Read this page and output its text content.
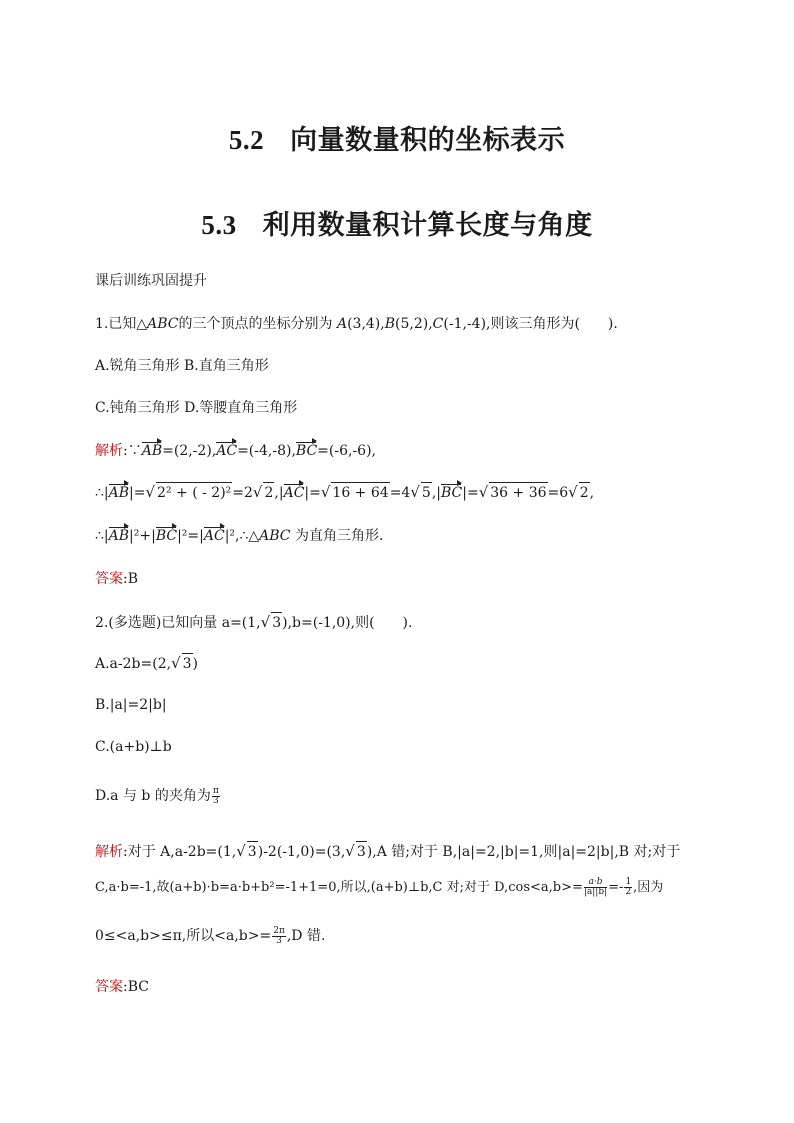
5.2 向量数量积的坐标表示
5.3 利用数量积计算长度与角度
课后训练巩固提升
1.已知△ABC的三个顶点的坐标分别为 A(3,4),B(5,2),C(-1,-4),则该三角形为(　　).
A.锐角三角形 B.直角三角形
C.钝角三角形 D.等腰直角三角形
解析:∵AB=(2,-2),AC=(-4,-8),BC=(-6,-6),
∴|AB|=√ 2² + ( - 2)²=2√ 2,|AC|=√ 16 + 64=4√ 5,|BC|=√ 36 + 36=6√ 2,
∴|AB|²+|BC|²=|AC|²,∴△ABC 为直角三角形.
答案:B
2.(多选题)已知向量 a=(1,√ 3),b=(-1,0),则(　　).
A.a-2b=(2,√ 3)
B.|a|=2|b|
C.(a+b)⊥b
D.a 与 b 的夹角为 $\frac{\pi}{3}$
解析:对于 A,a-2b=(1,√ 3)-2(-1,0)=(3,√ 3),A 错;对于 B,|a|=2,|b|=1,则|a|=2|b|,B 对;对于
C,a·b=-1,故(a+b)·b=a·b+b²=-1+1=0,所以,(a+b)⊥b,C 对;对于 $D,\cos<a,b>= \frac{a\cdot b}{|a||b|} =- \frac{1}{2}$ ,因为
0≤<a,b>≤π,所以$<a,b>= \frac{2\pi}{3} ,D$ 错.
答案:BC
